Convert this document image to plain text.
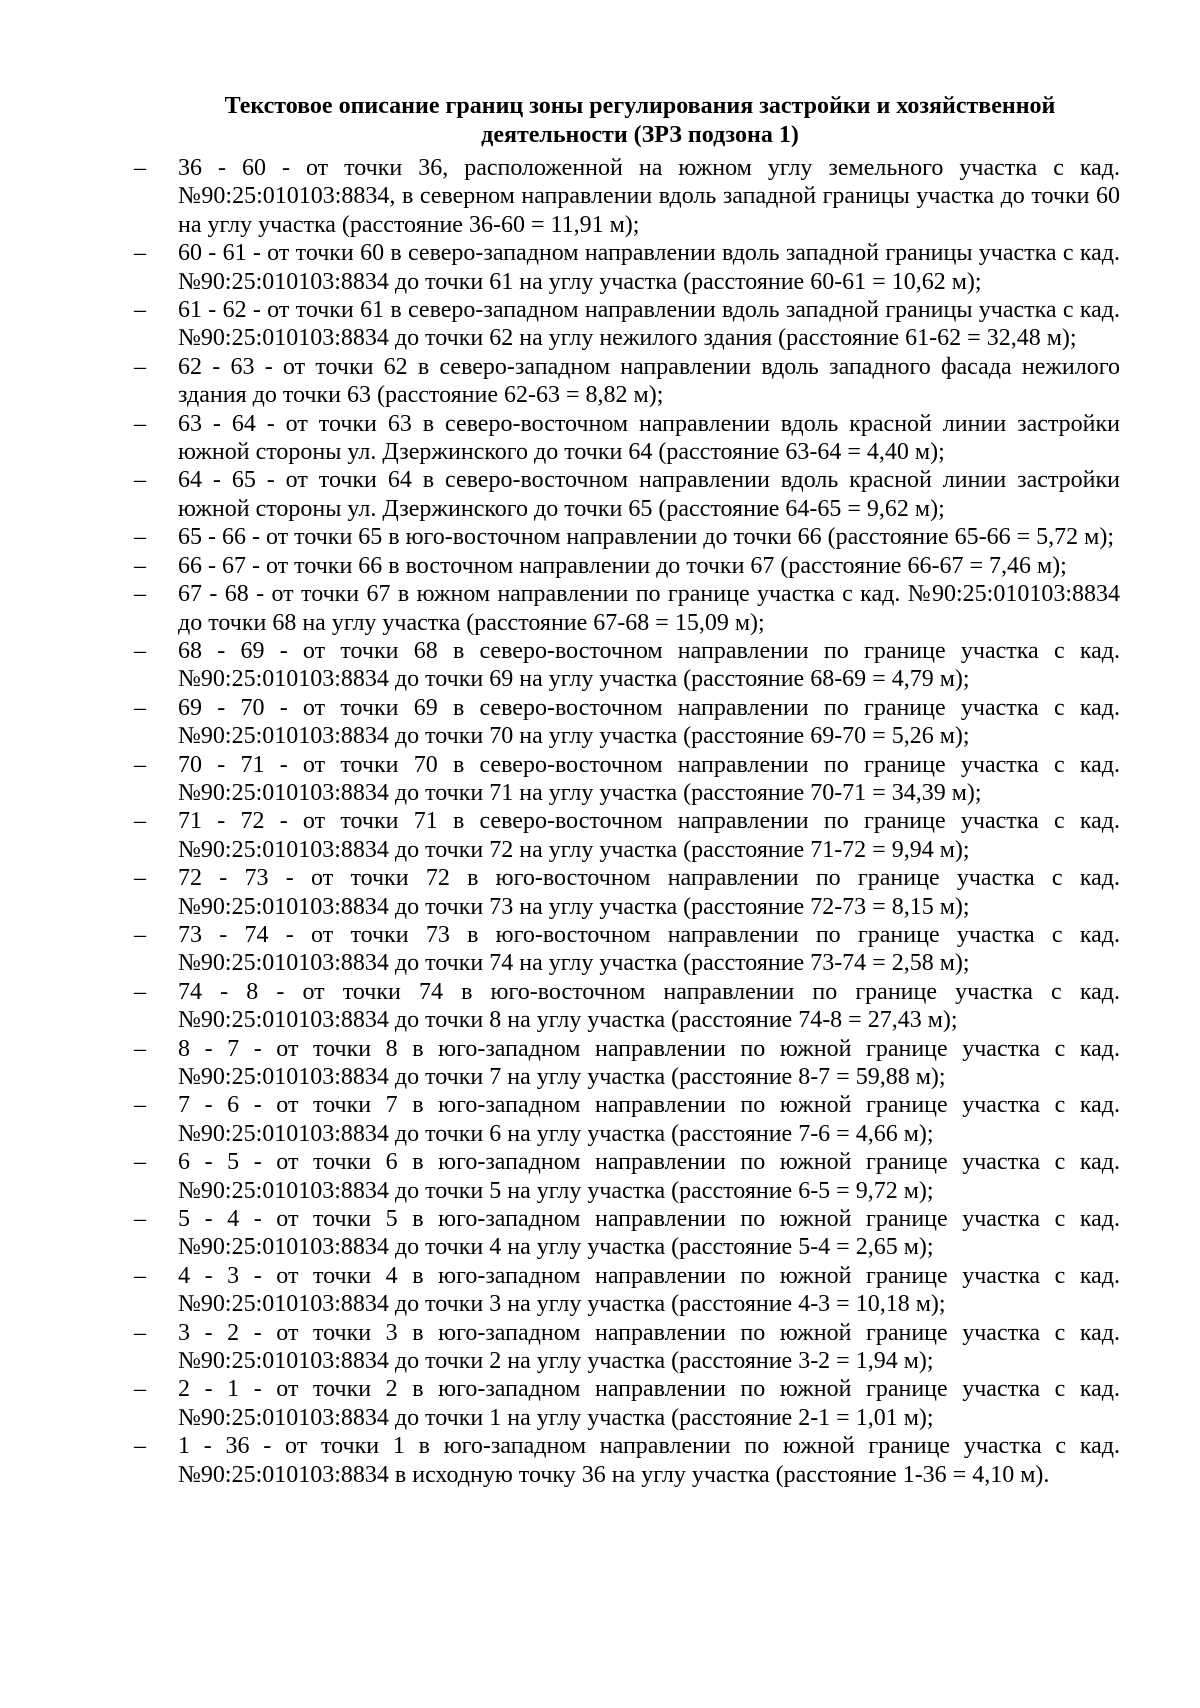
Текстовое описание границ зоны регулирования застройки и хозяйственной
деятельности (ЗРЗ подзона 1)
– 36 - 60 - от точки 36, расположенной на южном углу земельного участка с кад. №90:25:010103:8834, в северном направлении вдоль западной границы участка до точки 60 на углу участка (расстояние 36-60 = 11,91 м);
– 60 - 61 - от точки 60 в северо-западном направлении вдоль западной границы участка с кад. №90:25:010103:8834 до точки 61 на углу участка (расстояние 60-61 = 10,62 м);
– 61 - 62 - от точки 61 в северо-западном направлении вдоль западной границы участка с кад. №90:25:010103:8834 до точки 62 на углу нежилого здания (расстояние 61-62 = 32,48 м);
– 62 - 63 - от точки 62 в северо-западном направлении вдоль западного фасада нежилого здания до точки 63 (расстояние 62-63 = 8,82 м);
– 63 - 64 - от точки 63 в северо-восточном направлении вдоль красной линии застройки южной стороны ул. Дзержинского до точки 64 (расстояние 63-64 = 4,40 м);
– 64 - 65 - от точки 64 в северо-восточном направлении вдоль красной линии застройки южной стороны ул. Дзержинского до точки 65 (расстояние 64-65 = 9,62 м);
– 65 - 66 - от точки 65 в юго-восточном направлении до точки 66 (расстояние 65-66 = 5,72 м);
– 66 - 67 - от точки 66 в восточном направлении до точки 67 (расстояние 66-67 = 7,46 м);
– 67 - 68 - от точки 67 в южном направлении по границе участка с кад. №90:25:010103:8834 до точки 68 на углу участка (расстояние 67-68 = 15,09 м);
– 68 - 69 - от точки 68 в северо-восточном направлении по границе участка с кад. №90:25:010103:8834 до точки 69 на углу участка (расстояние 68-69 = 4,79 м);
– 69 - 70 - от точки 69 в северо-восточном направлении по границе участка с кад. №90:25:010103:8834 до точки 70 на углу участка (расстояние 69-70 = 5,26 м);
– 70 - 71 - от точки 70 в северо-восточном направлении по границе участка с кад. №90:25:010103:8834 до точки 71 на углу участка (расстояние 70-71 = 34,39 м);
– 71 - 72 - от точки 71 в северо-восточном направлении по границе участка с кад. №90:25:010103:8834 до точки 72 на углу участка (расстояние 71-72 = 9,94 м);
– 72 - 73 - от точки 72 в юго-восточном направлении по границе участка с кад. №90:25:010103:8834 до точки 73 на углу участка (расстояние 72-73 = 8,15 м);
– 73 - 74 - от точки 73 в юго-восточном направлении по границе участка с кад. №90:25:010103:8834 до точки 74 на углу участка (расстояние 73-74 = 2,58 м);
– 74 - 8 - от точки 74 в юго-восточном направлении по границе участка с кад. №90:25:010103:8834 до точки 8 на углу участка (расстояние 74-8 = 27,43 м);
– 8 - 7 - от точки 8 в юго-западном направлении по южной границе участка с кад. №90:25:010103:8834 до точки 7 на углу участка (расстояние 8-7 = 59,88 м);
– 7 - 6 - от точки 7 в юго-западном направлении по южной границе участка с кад. №90:25:010103:8834 до точки 6 на углу участка (расстояние 7-6 = 4,66 м);
– 6 - 5 - от точки 6 в юго-западном направлении по южной границе участка с кад. №90:25:010103:8834 до точки 5 на углу участка (расстояние 6-5 = 9,72 м);
– 5 - 4 - от точки 5 в юго-западном направлении по южной границе участка с кад. №90:25:010103:8834 до точки 4 на углу участка (расстояние 5-4 = 2,65 м);
– 4 - 3 - от точки 4 в юго-западном направлении по южной границе участка с кад. №90:25:010103:8834 до точки 3 на углу участка (расстояние 4-3 = 10,18 м);
– 3 - 2 - от точки 3 в юго-западном направлении по южной границе участка с кад. №90:25:010103:8834 до точки 2 на углу участка (расстояние 3-2 = 1,94 м);
– 2 - 1 - от точки 2 в юго-западном направлении по южной границе участка с кад. №90:25:010103:8834 до точки 1 на углу участка (расстояние 2-1 = 1,01 м);
– 1 - 36 - от точки 1 в юго-западном направлении по южной границе участка с кад. №90:25:010103:8834 в исходную точку 36 на углу участка (расстояние 1-36 = 4,10 м).
